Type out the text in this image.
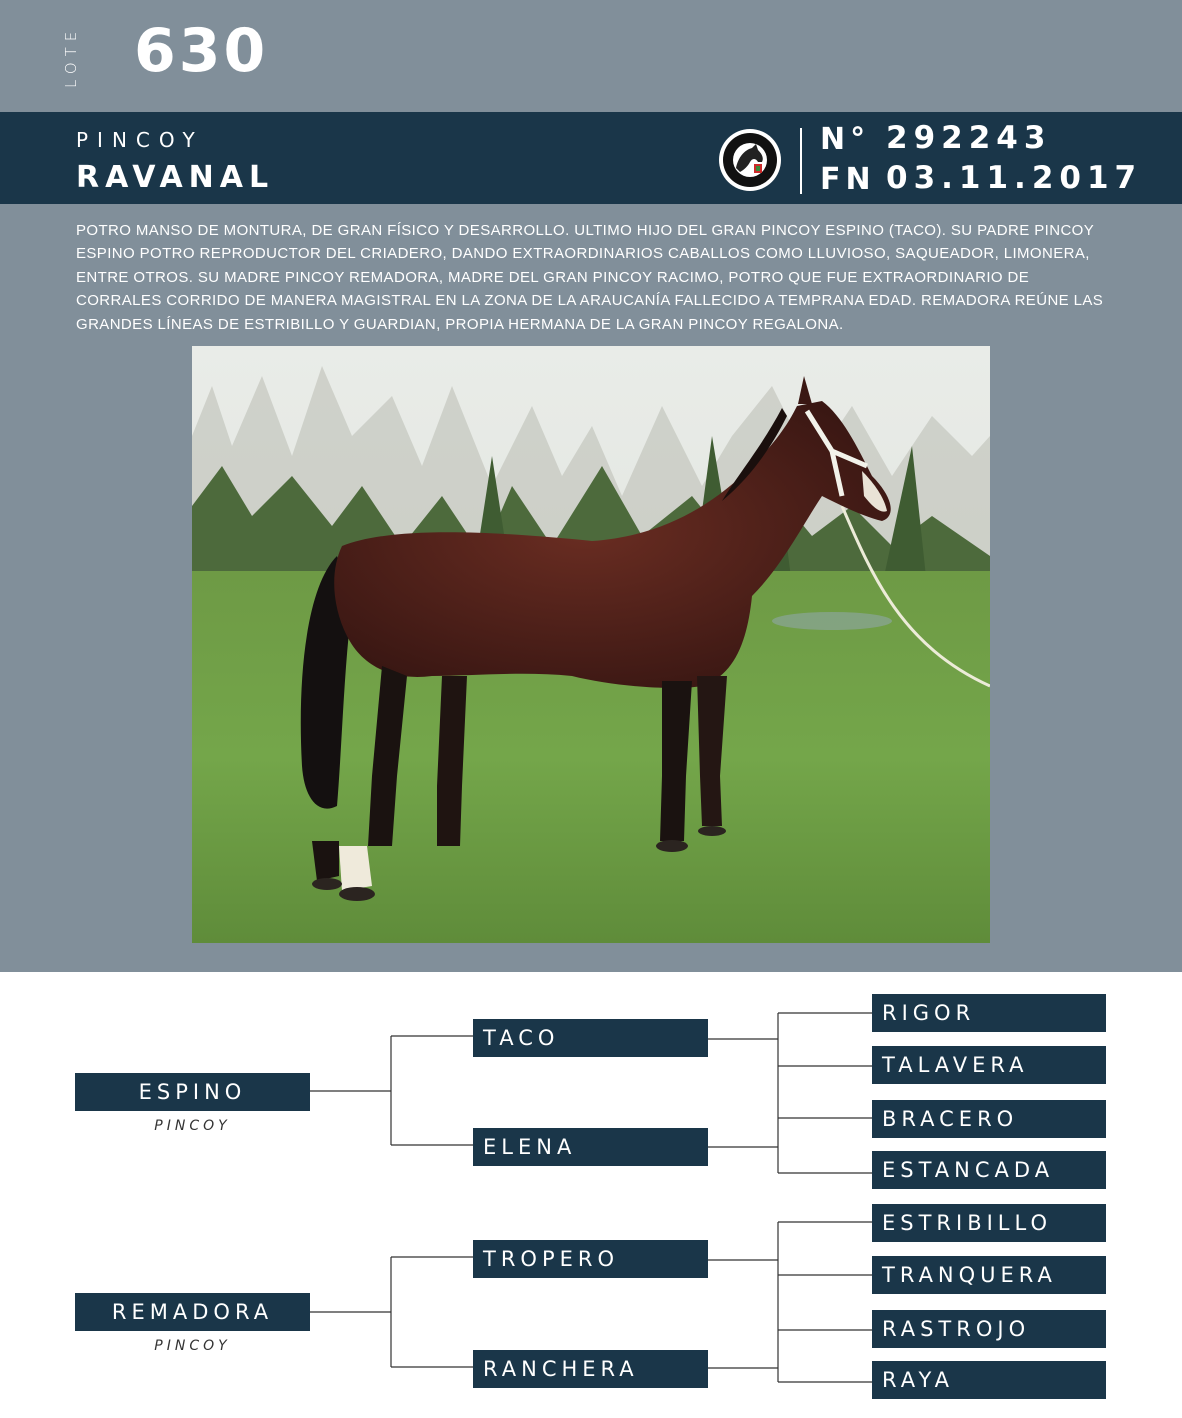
LOTE 630
PINCOY
RAVANAL
N° 292243
FN 03.11.2017
POTRO MANSO DE MONTURA, DE GRAN FÍSICO Y DESARROLLO. ULTIMO HIJO DEL GRAN PINCOY ESPINO (TACO). SU PADRE PINCOY ESPINO POTRO REPRODUCTOR DEL CRIADERO, DANDO EXTRAORDINARIOS CABALLOS COMO LLUVIOSO, SAQUEADOR, LIMONERA, ENTRE OTROS. SU MADRE PINCOY REMADORA, MADRE DEL GRAN PINCOY RACIMO, POTRO QUE FUE EXTRAORDINARIO DE CORRALES CORRIDO DE MANERA MAGISTRAL EN LA ZONA DE LA ARAUCANÍA FALLECIDO A TEMPRANA EDAD. REMADORA REÚNE LAS GRANDES LÍNEAS DE ESTRIBILLO Y GUARDIAN, PROPIA HERMANA DE LA GRAN PINCOY REGALONA.
ESPINO
PINCOY
REMADORA
PINCOY
TACO
ELENA
TROPERO
RANCHERA
RIGOR
TALAVERA
BRACERO
ESTANCADA
ESTRIBILLO
TRANQUERA
RASTROJO
RAYA
